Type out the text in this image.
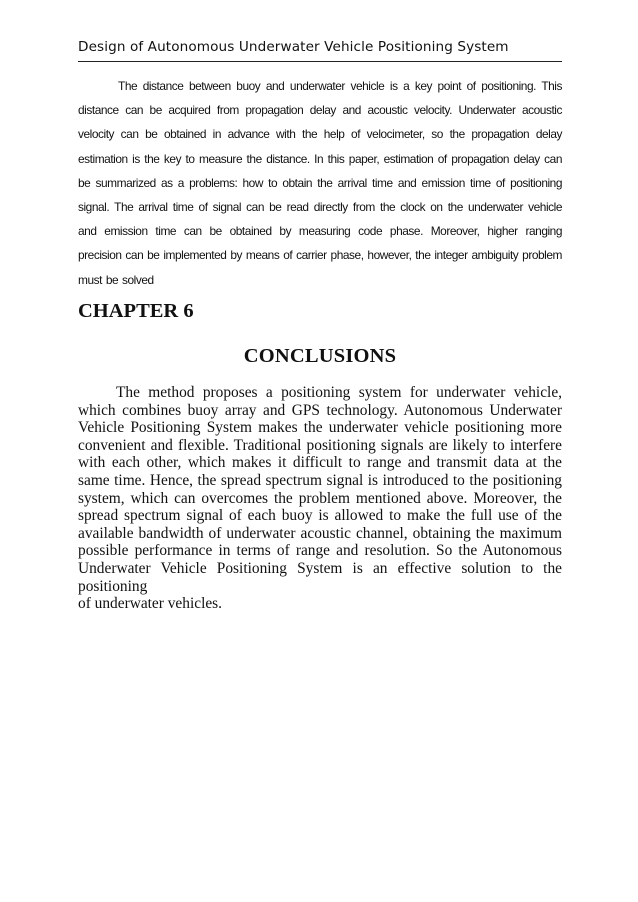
Design of Autonomous Underwater Vehicle Positioning System

The distance between buoy and underwater vehicle is a key point of positioning. This distance can be acquired from propagation delay and acoustic velocity. Underwater acoustic velocity can be obtained in advance with the help of velocimeter, so the propagation delay estimation is the key to measure the distance. In this paper, estimation of propagation delay can be summarized as a problems: how to obtain the arrival time and emission time of positioning signal. The arrival time of signal can be read directly from the clock on the underwater vehicle and emission time can be obtained by measuring code phase. Moreover, higher ranging precision can be implemented by means of carrier phase, however, the integer ambiguity problem must be solved

CHAPTER 6
CONCLUSIONS
The method proposes a positioning system for underwater vehicle, which combines buoy array and GPS technology. Autonomous Underwater Vehicle Positioning System makes the underwater vehicle positioning more convenient and flexible. Traditional positioning signals are likely to interfere with each other, which makes it difficult to range and transmit data at the same time. Hence, the spread spectrum signal is introduced to the positioning system, which can overcomes the problem mentioned above. Moreover, the spread spectrum signal of each buoy is allowed to make the full use of the available bandwidth of underwater acoustic channel, obtaining the maximum possible performance in terms of range and resolution. So the Autonomous Underwater Vehicle Positioning System is an effective solution to the positioning
of underwater vehicles.
